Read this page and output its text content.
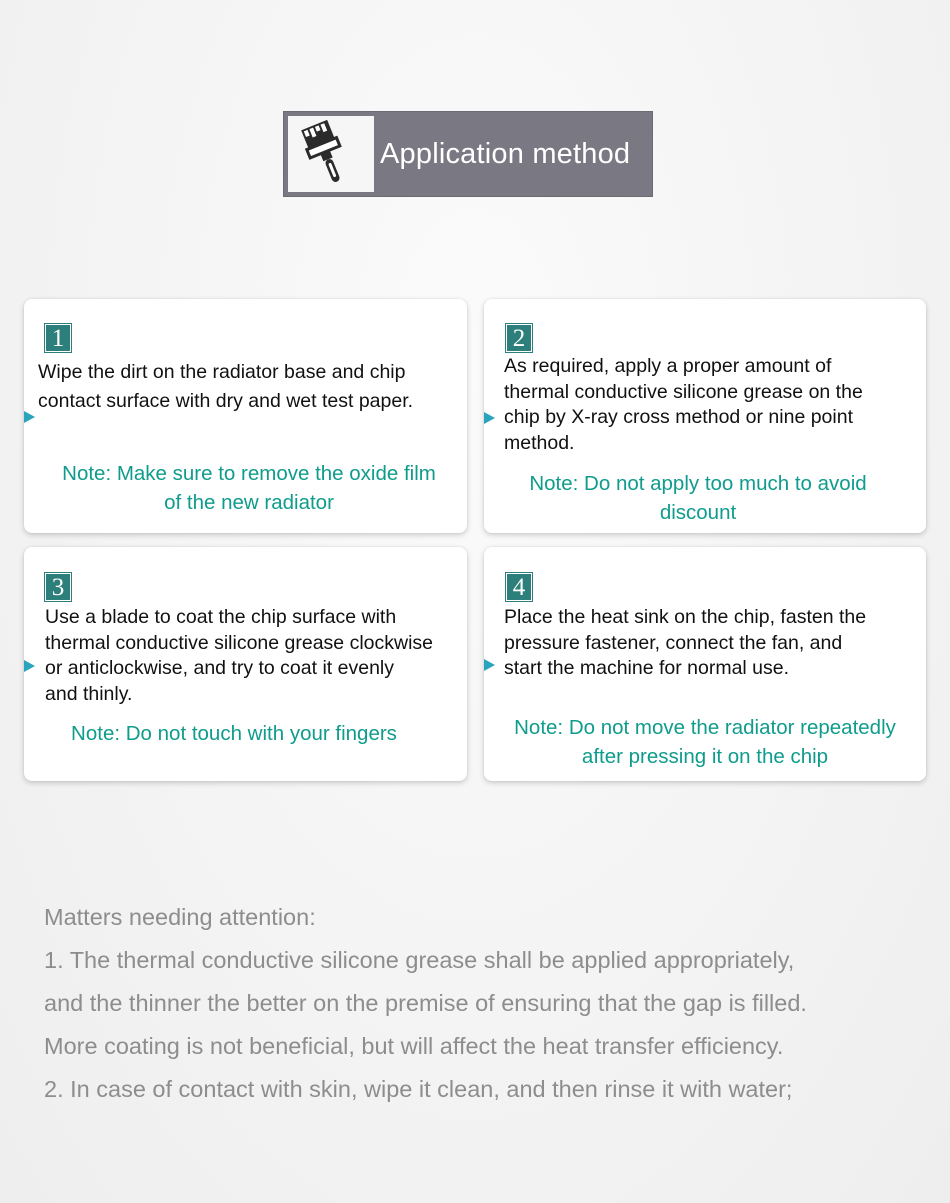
Application method
1
Wipe the dirt on the radiator base and chip
contact surface with dry and wet test paper.
Note: Make sure to remove the oxide film
of the new radiator
2
As required, apply a proper amount of
thermal conductive silicone grease on the
chip by X-ray cross method or nine point
method.
Note: Do not apply too much to avoid
discount
3
Use a blade to coat the chip surface with
thermal conductive silicone grease clockwise
or anticlockwise, and try to coat it evenly
and thinly.
Note: Do not touch with your fingers
4
Place the heat sink on the chip, fasten the
pressure fastener, connect the fan, and
start the machine for normal use.
Note: Do not move the radiator repeatedly
after pressing it on the chip
Matters needing attention:
1. The thermal conductive silicone grease shall be applied appropriately,
and the thinner the better on the premise of ensuring that the gap is filled.
More coating is not beneficial, but will affect the heat transfer efficiency.
2. In case of contact with skin, wipe it clean, and then rinse it with water;
